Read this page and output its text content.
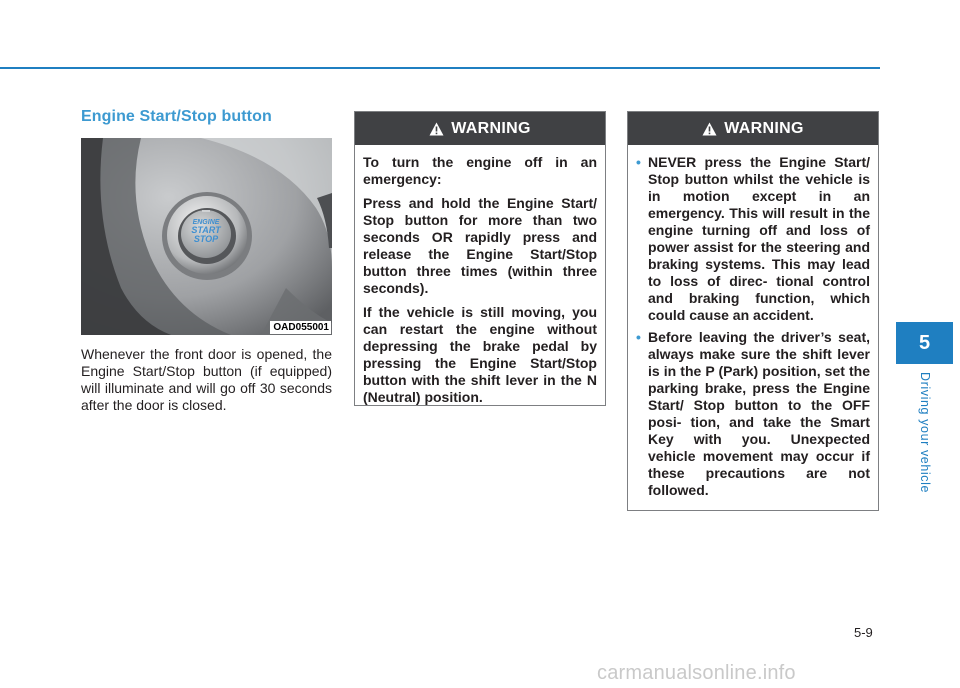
Engine Start/Stop button
ENGINE
START
STOP
OAD055001

Whenever the front door is opened, the Engine Start/Stop button (if equipped) will illuminate and will go off 30 seconds after the door is closed.

WARNING

To turn the engine off in an emergency:

Press and hold the Engine Start/ Stop button for more than two seconds OR rapidly press and release the Engine Start/Stop button three times (within three seconds).

If the vehicle is still moving, you can restart the engine without depressing the brake pedal by pressing the Engine Start/Stop button with the shift lever in the N (Neutral) position.

WARNING
• NEVER press the Engine Start/ Stop button whilst the vehicle is in motion except in an emergency. This will result in the engine turning off and loss of power assist for the steering and braking systems. This may lead to loss of direc- tional control and braking function, which could cause an accident.
• Before leaving the driver’s seat, always make sure the shift lever is in the P (Park) position, set the parking brake, press the Engine Start/ Stop button to the OFF posi- tion, and take the Smart Key with you. Unexpected vehicle movement may occur if these precautions are not followed.
5
Driving your vehicle
5-9
carmanualsonline.info
